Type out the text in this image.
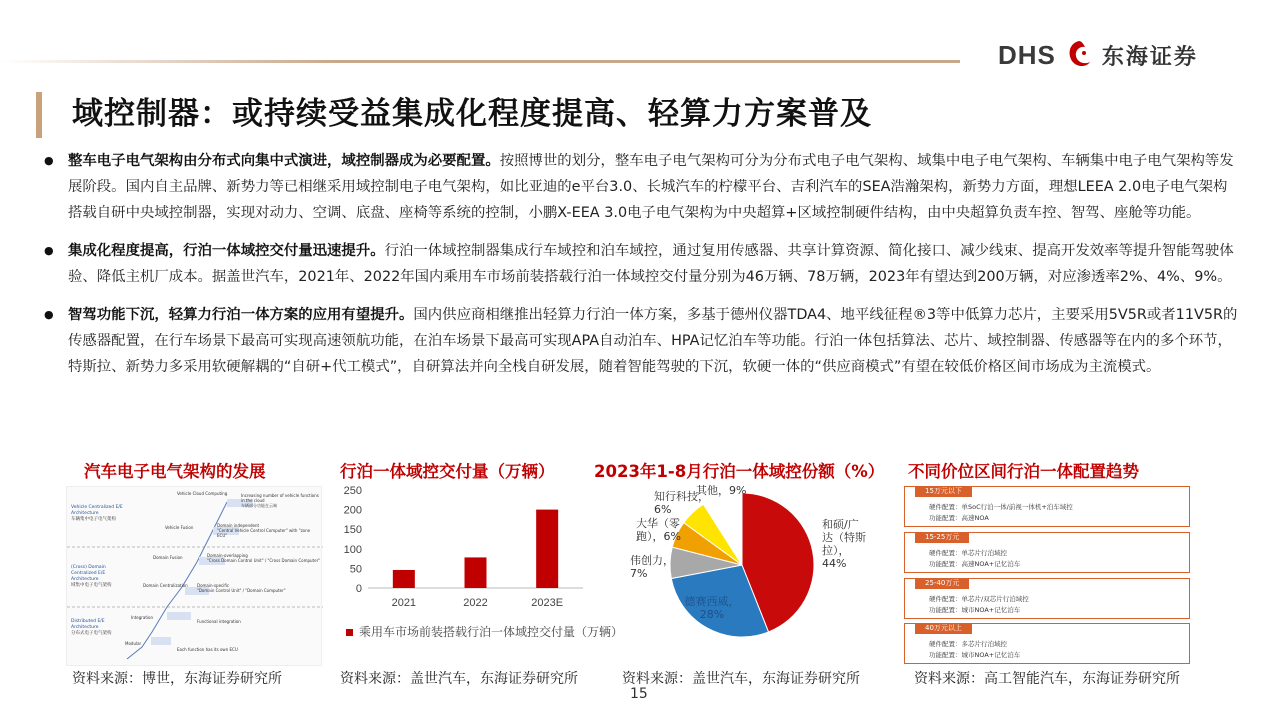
DHS 东海证券
域控制器：或持续受益集成化程度提高、轻算力方案普及
● 整车电子电气架构由分布式向集中式演进，域控制器成为必要配置。按照博世的划分，整车电子电气架构可分为分布式电子电气架构、域集中电子电气架构、车辆集中电子电气架构等发展阶段。国内自主品牌、新势力等已相继采用域控制电子电气架构，如比亚迪的e平台3.0、长城汽车的柠檬平台、吉利汽车的SEA浩瀚架构，新势力方面，理想LEEA 2.0电子电气架构搭载自研中央域控制器，实现对动力、空调、底盘、座椅等系统的控制，小鹏X-EEA 3.0电子电气架构为中央超算+区域控制硬件结构，由中央超算负责车控、智驾、座舱等功能。
● 集成化程度提高，行泊一体域控交付量迅速提升。行泊一体域控制器集成行车域控和泊车域控，通过复用传感器、共享计算资源、简化接口、减少线束、提高开发效率等提升智能驾驶体验、降低主机厂成本。据盖世汽车，2021年、2022年国内乘用车市场前装搭载行泊一体域控交付量分别为46万辆、78万辆，2023年有望达到200万辆，对应渗透率2%、4%、9%。
● 智驾功能下沉，轻算力行泊一体方案的应用有望提升。国内供应商相继推出轻算力行泊一体方案，多基于德州仪器TDA4、地平线征程®3等中低算力芯片，主要采用5V5R或者11V5R的传感器配置，在行车场景下最高可实现高速领航功能，在泊车场景下最高可实现APA自动泊车、HPA记忆泊车等功能。行泊一体包括算法、芯片、域控制器、传感器等在内的多个环节，特斯拉、新势力多采用软硬解耦的“自研+代工模式”，自研算法并向全栈自研发展，随着智能驾驶的下沉，软硬一体的“供应商模式”有望在较低价格区间市场成为主流模式。
汽车电子电气架构的发展	行泊一体域控交付量（万辆） 2023年1-8月行泊一体域控份额（%） 不同价位区间行泊一体配置趋势
Vehicle Centralized E/E Architecture
车辆集中电子电气架构
(Cross) Domain Centralized E/E Architecture
域集中电子电气架构
Distributed E/E Architecture
分布式电子电气架构
Vehicle Cloud Computing
Vehicle Fusion
Domain Fusion
Domain Centralization
Integration
Modular
Increasing number of vehicle functions in the cloud
车辆部分功能在云端
Domain independent
"Central Vehicle Control Computer" with "zone ECU"
Domain-overlapping
"Cross Domain Control Unit" / "Cross Domain Computer"
Domain-specific
"Domain Control Unit" / "Domain Computer"
Functional integration
Each function has its own ECU
0
50
100
150
200
250
2021	2022	2023E
乘用车市场前装搭载行泊一体域控交付量（万辆）
和硕/广
达（特斯
拉），
44%
德赛西威，
28%
伟创力，
7%
大华（零
跑），6%
知行科技，
6%
其他，9%	15万元以下
硬件配置：单SoC行泊一体/前视一体机+泊车域控
功能配置：高速NOA
15-25万元
硬件配置：单芯片行泊域控
功能配置：高速NOA+记忆泊车
25-40万元
硬件配置：单芯片/双芯片行泊域控
功能配置：城市NOA+记忆泊车
40万元以上
硬件配置：多芯片行泊域控
功能配置：城市NOA+记忆泊车
资料来源：博世，东海证券研究所	资料来源：盖世汽车，东海证券研究所	资料来源：盖世汽车，东海证券研究所	资料来源：高工智能汽车，东海证券研究所
15
